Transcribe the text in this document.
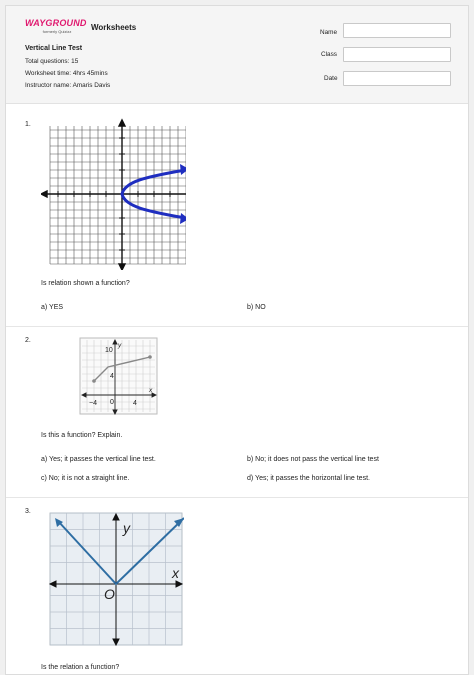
WAYGROUND
formerly Quizizz	Worksheets
Vertical Line Test
Total questions: 15
Worksheet time: 4hrs 45mins
Instructor name: Amaris Davis
Name
Class
Date
1.
Is relation shown a function?
a) YES	b) NO
2.
10
y
4
x
−4 0	4
Is this a function? Explain.
a) Yes; it passes the vertical line test.	b) No; it does not pass the vertical line test
c) No; it is not a straight line.	d) Yes; it passes the horizontal line test.
3.
y
x
O
Is the relation a function?
